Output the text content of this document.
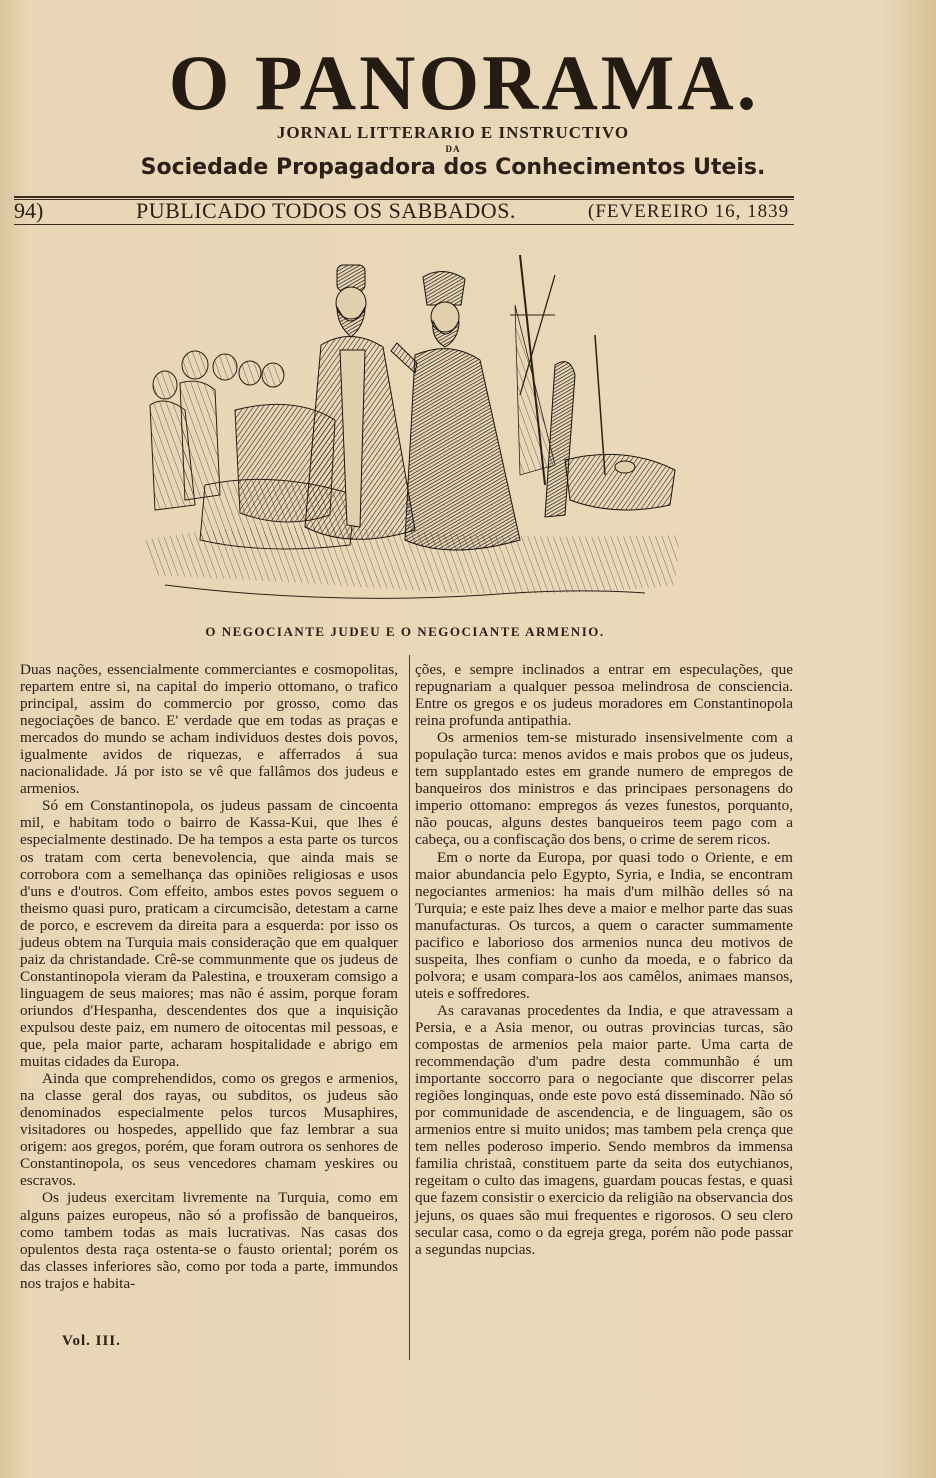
O PANORAMA.
JORNAL LITTERARIO E INSTRUCTIVO
DA
Sociedade Propagadora dos Conhecimentos Uteis.
94)	PUBLICADO TODOS OS SABBADOS.	(FEVEREIRO 16, 1839
O NEGOCIANTE JUDEU E O NEGOCIANTE ARMENIO.

Duas nações, essencialmente commerciantes e cosmopolitas, repartem entre si, na capital do imperio ottomano, o trafico principal, assim do commercio por grosso, como das negociações de banco. E' verdade que em todas as praças e mercados do mundo se acham individuos destes dois povos, igualmente avidos de riquezas, e afferrados á sua nacionalidade. Já por isto se vê que fallâmos dos judeus e armenios.

Só em Constantinopola, os judeus passam de cincoenta mil, e habitam todo o bairro de Kassa-Kui, que lhes é especialmente destinado. De ha tempos a esta parte os turcos os tratam com certa benevolencia, que ainda mais se corrobora com a semelhança das opiniões religiosas e usos d'uns e d'outros. Com effeito, ambos estes povos seguem o theismo quasi puro, praticam a circumcisão, detestam a carne de porco, e escrevem da direita para a esquerda: por isso os judeus obtem na Turquia mais consideração que em qualquer paiz da christandade. Crê-se communmente que os judeus de Constantinopola vieram da Palestina, e trouxeram comsigo a linguagem de seus maiores; mas não é assim, porque foram oriundos d'Hespanha, descendentes dos que a inquisição expulsou deste paiz, em numero de oitocentas mil pessoas, e que, pela maior parte, acharam hospitalidade e abrigo em muitas cidades da Europa.

Ainda que comprehendidos, como os gregos e armenios, na classe geral dos rayas, ou subditos, os judeus são denominados especialmente pelos turcos Musaphires, visitadores ou hospedes, appellido que faz lembrar a sua origem: aos gregos, porém, que foram outrora os senhores de Constantinopola, os seus vencedores chamam yeskires ou escravos.

Os judeus exercitam livremente na Turquia, como em alguns paizes europeus, não só a profissão de banqueiros, como tambem todas as mais lucrativas. Nas casas dos opulentos desta raça ostenta-se o fausto oriental; porém os das classes inferiores são, como por toda a parte, immundos nos trajos e habita-

ções, e sempre inclinados a entrar em especulações, que repugnariam a qualquer pessoa melindrosa de consciencia. Entre os gregos e os judeus moradores em Constantinopola reina profunda antipathia.

Os armenios tem-se misturado insensivelmente com a população turca: menos avidos e mais probos que os judeus, tem supplantado estes em grande numero de empregos de banqueiros dos ministros e das principaes personagens do imperio ottomano: empregos ás vezes funestos, porquanto, não poucas, alguns destes banqueiros teem pago com a cabeça, ou a confiscação dos bens, o crime de serem ricos.

Em o norte da Europa, por quasi todo o Oriente, e em maior abundancia pelo Egypto, Syria, e India, se encontram negociantes armenios: ha mais d'um milhão delles só na Turquia; e este paiz lhes deve a maior e melhor parte das suas manufacturas. Os turcos, a quem o caracter summamente pacifico e laborioso dos armenios nunca deu motivos de suspeita, lhes confiam o cunho da moeda, e o fabrico da polvora; e usam compara-los aos camêlos, animaes mansos, uteis e soffredores.

As caravanas procedentes da India, e que atravessam a Persia, e a Asia menor, ou outras provincias turcas, são compostas de armenios pela maior parte. Uma carta de recommendação d'um padre desta communhão é um importante soccorro para o negociante que discorrer pelas regiões longinquas, onde este povo está disseminado. Não só por communidade de ascendencia, e de linguagem, são os armenios entre si muito unidos; mas tambem pela crença que tem nelles poderoso imperio. Sendo membros da immensa familia christaã, constituem parte da seita dos eutychianos, regeitam o culto das imagens, guardam poucas festas, e quasi que fazem consistir o exercicio da religião na observancia dos jejuns, os quaes são mui frequentes e rigorosos. O seu clero secular casa, como o da egreja grega, porém não pode passar a segundas nupcias.

Vol. III.
